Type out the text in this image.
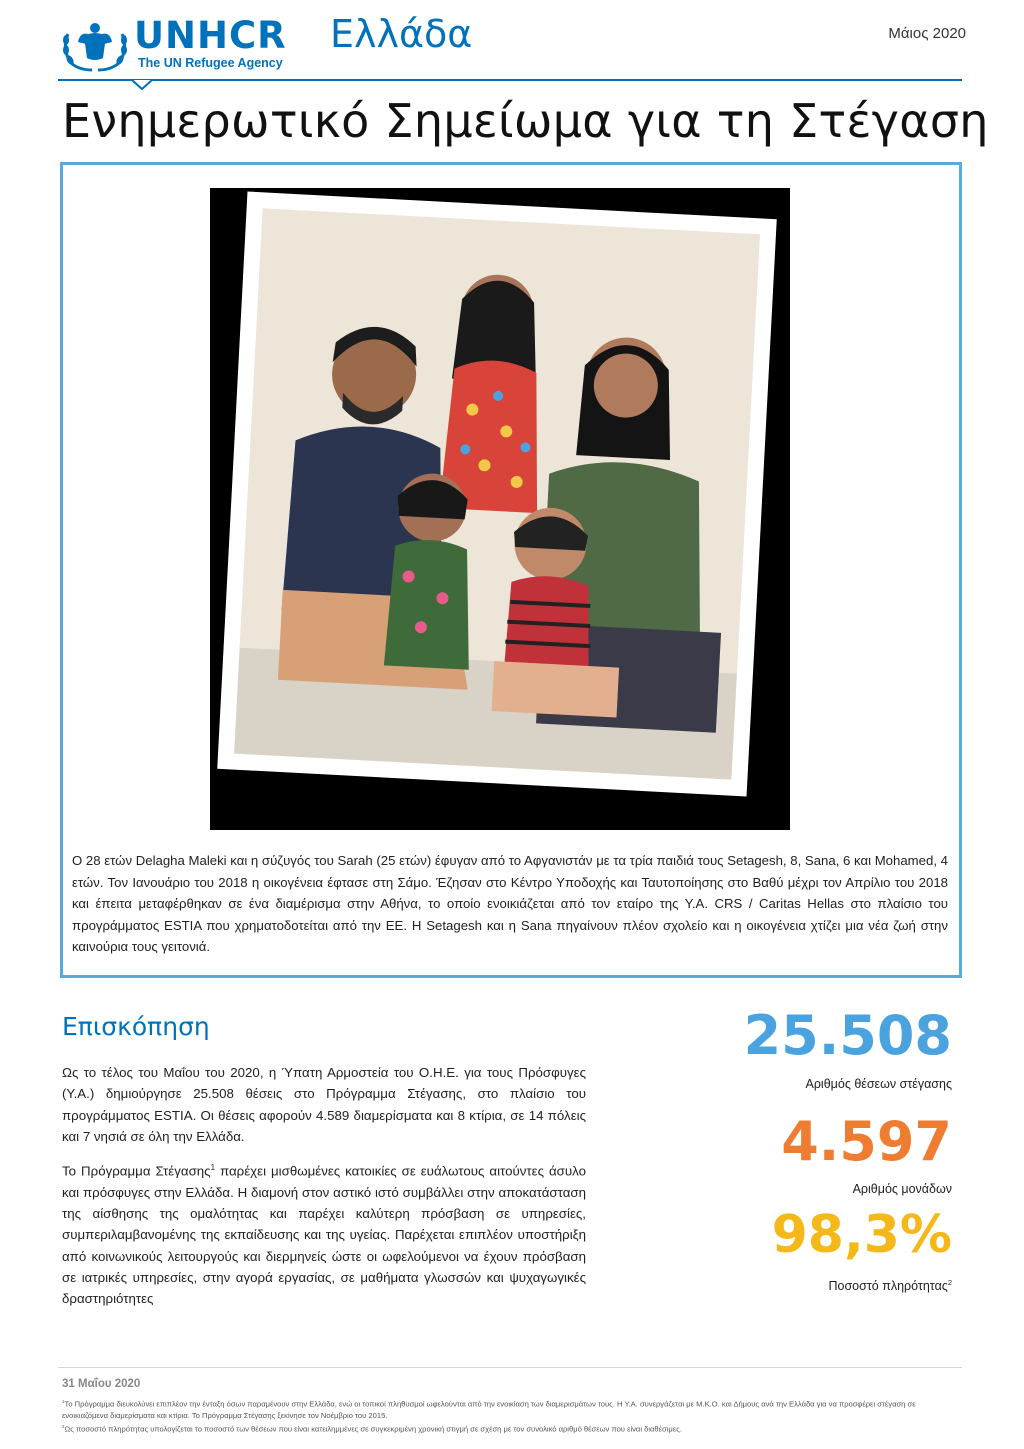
UNHCR
The UN Refugee Agency
Ελλάδα	Μάιος 2020
Ενημερωτικό Σημείωμα για τη Στέγαση
Ο 28 ετών Delagha Maleki και η σύζυγός του Sarah (25 ετών) έφυγαν από το Αφγανιστάν με τα τρία παιδιά τους Setagesh, 8, Sana, 6 και Mohamed, 4 ετών. Τον Ιανουάριο του 2018 η οικογένεια έφτασε στη Σάμο. Έζησαν στο Κέντρο Υποδοχής και Ταυτοποίησης στο Βαθύ μέχρι τον Απρίλιο του 2018 και έπειτα μεταφέρθηκαν σε ένα διαμέρισμα στην Αθήνα, το οποίο ενοικιάζεται από τον εταίρο της Υ.Α. CRS / Caritas Hellas στο πλαίσιο του προγράμματος ESTIA που χρηματοδοτείται από την ΕΕ. Η Setagesh και η Sana πηγαίνουν πλέον σχολείο και η οικογένεια χτίζει μια νέα ζωή στην καινούρια τους γειτονιά.
Επισκόπηση

Ως το τέλος του Μαΐου του 2020, η Ύπατη Αρμοστεία του Ο.Η.Ε. για τους Πρόσφυγες (Υ.Α.) δημιούργησε 25.508 θέσεις στο Πρόγραμμα Στέγασης, στο πλαίσιο του προγράμματος ESTIA. Οι θέσεις αφορούν 4.589 διαμερίσματα και 8 κτίρια, σε 14 πόλεις και 7 νησιά σε όλη την Ελλάδα.

Το Πρόγραμμα Στέγασης$^1$ παρέχει μισθωμένες κατοικίες σε ευάλωτους αιτούντες άσυλο και πρόσφυγες στην Ελλάδα. Η διαμονή στον αστικό ιστό συμβάλλει στην αποκατάσταση της αίσθησης της ομαλότητας και παρέχει καλύτερη πρόσβαση σε υπηρεσίες, συμπεριλαμβανομένης της εκπαίδευσης και της υγείας. Παρέχεται επιπλέον υποστήριξη από κοινωνικούς λειτουργούς και διερμηνείς ώστε οι ωφελούμενοι να έχουν πρόσβαση σε ιατρικές υπηρεσίες, στην αγορά εργασίας, σε μαθήματα γλωσσών και ψυχαγωγικές δραστηριότητες

25.508
Αριθμός θέσεων στέγασης
4.597
Αριθμός μονάδων
98,3%
Ποσοστό πληρότητας$^2$
31 Μαΐου 2020
$^1$Το Πρόγραμμα διευκολύνει επιπλέον την ένταξη όσων παραμένουν στην Ελλάδα, ενώ οι τοπικοί πληθυσμοί ωφελούνται από την ενοικίαση των διαμερισμάτων τους. Η Υ.Α. συνεργάζεται με Μ.Κ.Ο. και Δήμους ανά την Ελλάδα για να προσφέρει στέγαση σε ενοικιαζόμενα διαμερίσματα και κτίρια. Το Πρόγραμμα Στέγασης ξεκίνησε τον Νοέμβριο του 2015.
$^2$Ως ποσοστό πληρότητας υπολογίζεται το ποσοστό των θέσεων που είναι κατειλημμένες σε συγκεκριμένη χρονική στιγμή σε σχέση με τον συνολικό αριθμό θέσεων που είναι διαθέσιμες.
